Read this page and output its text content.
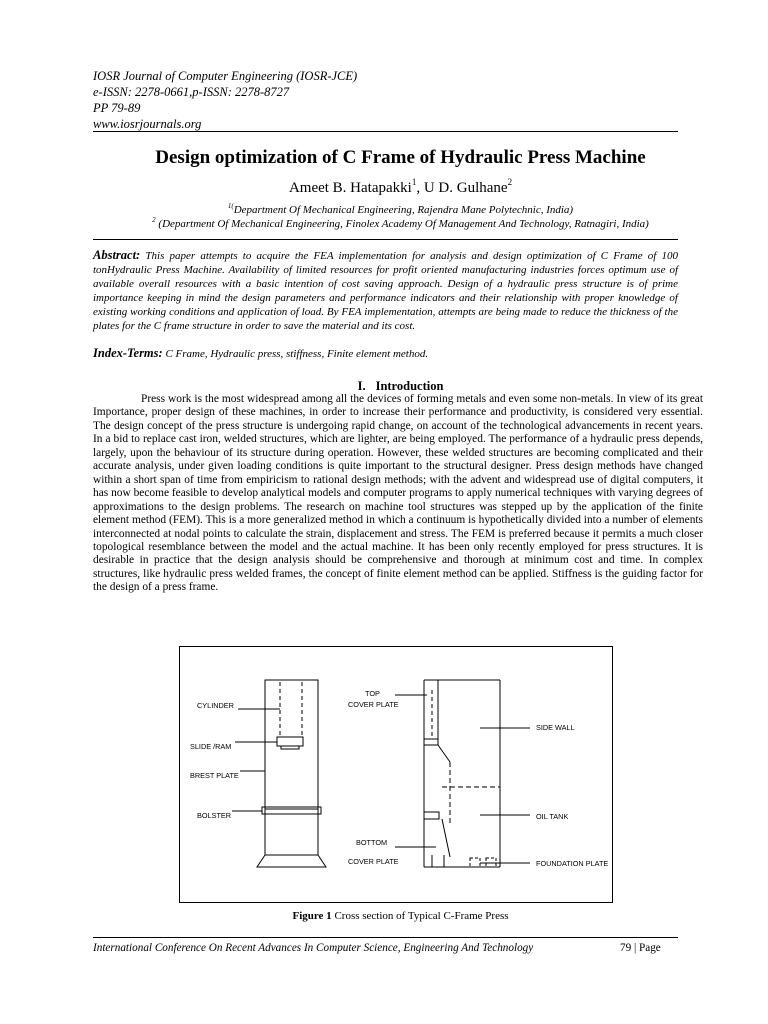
IOSR Journal of Computer Engineering (IOSR-JCE)
e-ISSN: 2278-0661,p-ISSN: 2278-8727
PP 79-89
www.iosrjournals.org
Design optimization of C Frame of Hydraulic Press Machine
Ameet B. Hatapakki$^1$, U D. Gulhane$^2$
$^{1(}$Department Of Mechanical Engineering, Rajendra Mane Polytechnic, India)
$^2$ (Department Of Mechanical Engineering, Finolex Academy Of Management And Technology, Ratnagiri, India)
Abstract: This paper attempts to acquire the FEA implementation for analysis and design optimization of C Frame of 100 tonHydraulic Press Machine. Availability of limited resources for profit oriented manufacturing industries forces optimum use of available overall resources with a basic intention of cost saving approach. Design of a hydraulic press structure is of prime importance keeping in mind the design parameters and performance indicators and their relationship with proper knowledge of existing working conditions and application of load. By FEA implementation, attempts are being made to reduce the thickness of the plates for the C frame structure in order to save the material and its cost.
Index-Terms: C Frame, Hydraulic press, stiffness, Finite element method.
I. Introduction
Press work is the most widespread among all the devices of forming metals and even some non-metals. In view of its great Importance, proper design of these machines, in order to increase their performance and productivity, is considered very essential. The design concept of the press structure is undergoing rapid change, on account of the technological advancements in recent years. In a bid to replace cast iron, welded structures, which are lighter, are being employed. The performance of a hydraulic press depends, largely, upon the behaviour of its structure during operation. However, these welded structures are becoming complicated and their accurate analysis, under given loading conditions is quite important to the structural designer. Press design methods have changed within a short span of time from empiricism to rational design methods; with the advent and widespread use of digital computers, it has now become feasible to develop analytical models and computer programs to apply numerical techniques with varying degrees of approximations to the design problems. The research on machine tool structures was stepped up by the application of the finite element method (FEM). This is a more generalized method in which a continuum is hypothetically divided into a number of elements interconnected at nodal points to calculate the strain, displacement and stress. The FEM is preferred because it permits a much closer topological resemblance between the model and the actual machine. It has been only recently employed for press structures. It is desirable in practice that the design analysis should be comprehensive and thorough at minimum cost and time. In complex structures, like hydraulic press welded frames, the concept of finite element method can be applied. Stiffness is the guiding factor for the design of a press frame.
CYLINDER
SLIDE /RAM
BREST PLATE
BOLSTER
TOP
COVER PLATE
BOTTOM
COVER PLATE
SIDE WALL
OIL TANK
FOUNDATION PLATE
Figure 1 Cross section of Typical C-Frame Press
International Conference On Recent Advances In Computer Science, Engineering And Technology	79 | Page
